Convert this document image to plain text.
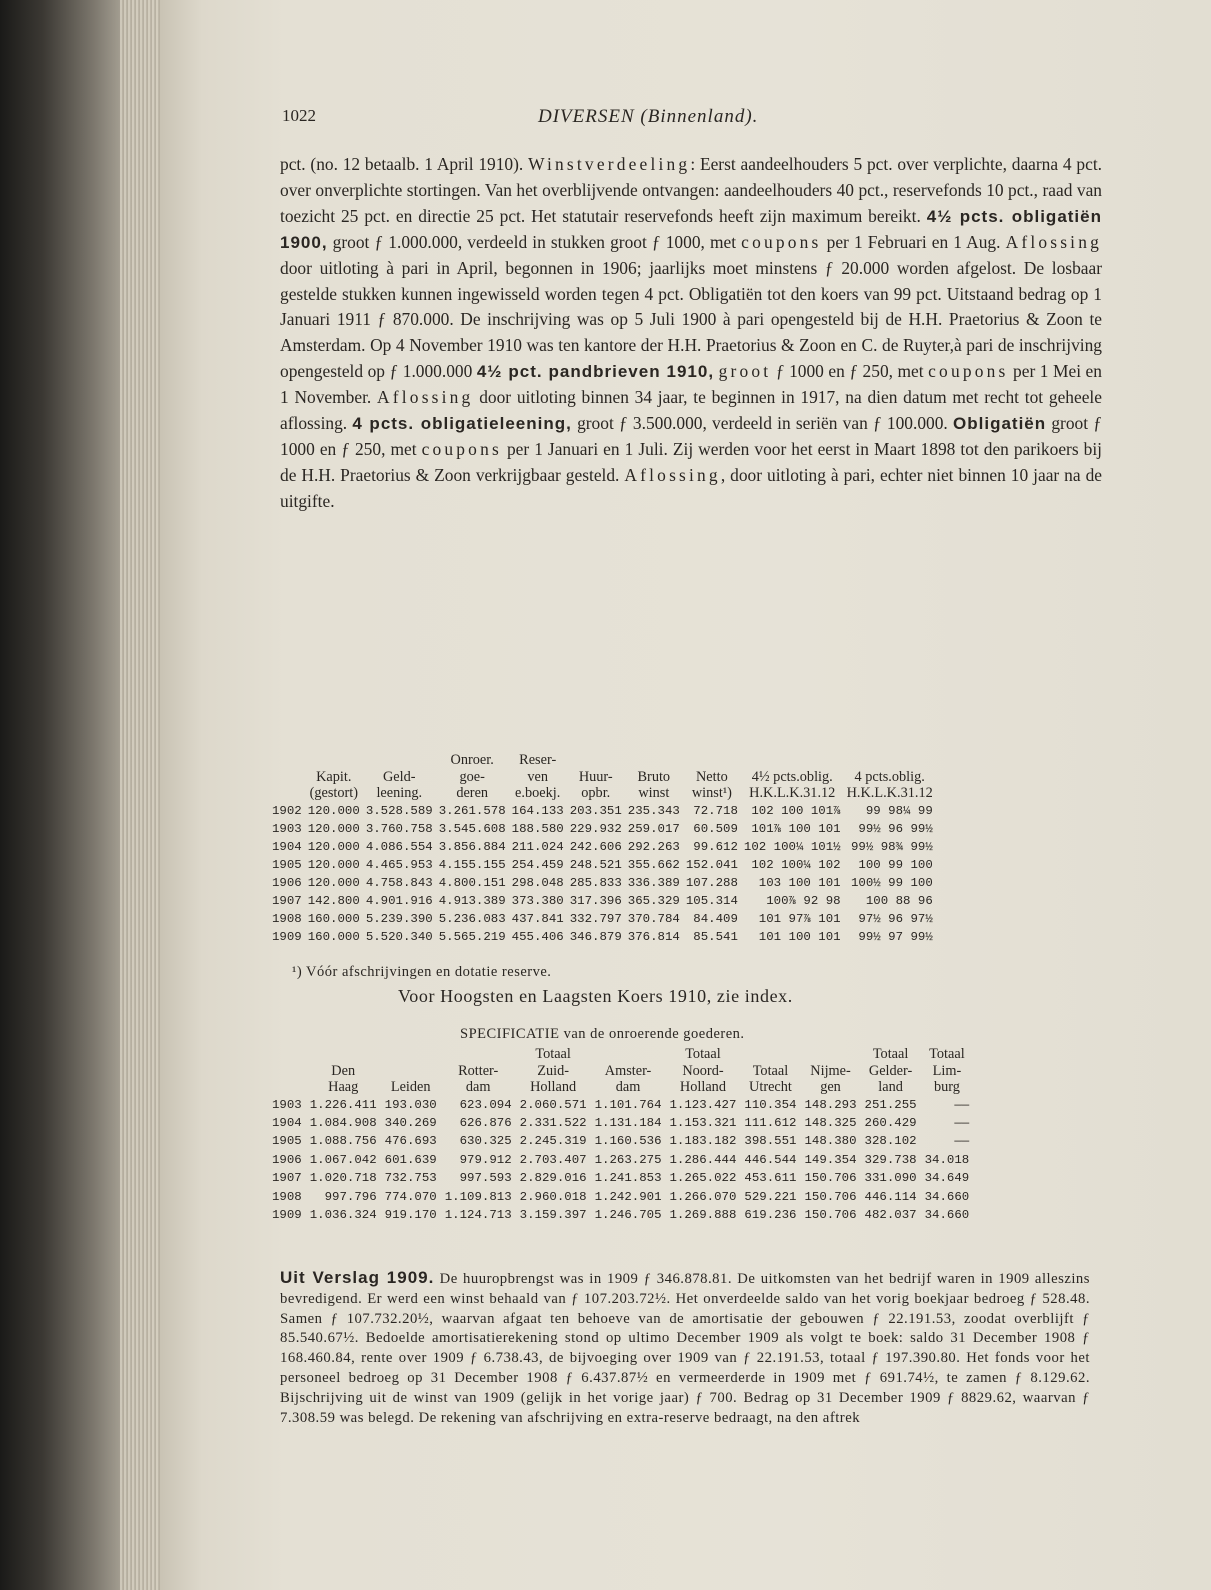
1022	DIVERSEN (Binnenland).

pct. (no. 12 betaalb. 1 April 1910). Winstverdeeling: Eerst aandeelhouders 5 pct. over verplichte, daarna 4 pct. over onverplichte stortingen. Van het overblijvende ontvangen: aandeelhouders 40 pct., reservefonds 10 pct., raad van toezicht 25 pct. en directie 25 pct. Het statutair reservefonds heeft zijn maximum bereikt. 4½ pcts. obligatiën 1900, groot ƒ 1.000.000, verdeeld in stukken groot ƒ 1000, met coupons per 1 Februari en 1 Aug. Aflossing door uitloting à pari in April, begonnen in 1906; jaarlijks moet minstens ƒ 20.000 worden afgelost. De losbaar gestelde stukken kunnen ingewisseld worden tegen 4 pct. Obligatiën tot den koers van 99 pct. Uitstaand bedrag op 1 Januari 1911 ƒ 870.000. De inschrijving was op 5 Juli 1900 à pari opengesteld bij de H.H. Praetorius & Zoon te Amsterdam. Op 4 November 1910 was ten kantore der H.H. Praetorius & Zoon en C. de Ruyter,à pari de inschrijving opengesteld op ƒ 1.000.000 4½ pct. pandbrieven 1910, groot ƒ 1000 en ƒ 250, met coupons per 1 Mei en 1 November. Aflossing door uitloting binnen 34 jaar, te beginnen in 1917, na dien datum met recht tot geheele aflossing. 4 pcts. obligatieleening, groot ƒ 3.500.000, verdeeld in seriën van ƒ 100.000. Obligatiën groot ƒ 1000 en ƒ 250, met coupons per 1 Januari en 1 Juli. Zij werden voor het eerst in Maart 1898 tot den parikoers bij de H.H. Praetorius & Zoon verkrijgbaar gesteld. Aflossing, door uitloting à pari, echter niet binnen 10 jaar na de uitgifte.

			Onroer.	Reser-					
	Kapit.	Geld-	goe-	ven	Huur-	Bruto	Netto	4½ pcts.oblig.	4 pcts.oblig.
	(gestort)	leening.	deren	e.boekj.	opbr.	winst	winst¹)	H.K.L.K.31.12	H.K.L.K.31.12
1902	120.000	3.528.589	3.261.578	164.133	203.351	235.343	72.718	102 100 101⅞	99 98¼ 99
1903	120.000	3.760.758	3.545.608	188.580	229.932	259.017	60.509	101⅞ 100 101	99½ 96 99½
1904	120.000	4.086.554	3.856.884	211.024	242.606	292.263	99.612	102 100¼ 101½	99½ 98¾ 99½
1905	120.000	4.465.953	4.155.155	254.459	248.521	355.662	152.041	102 100¼ 102	100 99 100
1906	120.000	4.758.843	4.800.151	298.048	285.833	336.389	107.288	103 100 101	100½ 99 100
1907	142.800	4.901.916	4.913.389	373.380	317.396	365.329	105.314	100⅞ 92 98	100 88 96
1908	160.000	5.239.390	5.236.083	437.841	332.797	370.784	84.409	101 97⅞ 101	97½ 96 97½
1909	160.000	5.520.340	5.565.219	455.406	346.879	376.814	85.541	101 100 101	99½ 97 99½
¹) Vóór afschrijvingen en dotatie reserve.
Voor Hoogsten en Laagsten Koers 1910, zie index.
SPECIFICATIE van de onroerende goederen.
				Totaal		Totaal			Totaal	Totaal
	Den		Rotter-	Zuid-	Amster-	Noord-	Totaal	Nijme-	Gelder-	Lim-
	Haag	Leiden	dam	Holland	dam	Holland	Utrecht	gen	land	burg
1903	1.226.411	193.030	623.094	2.060.571	1.101.764	1.123.427	110.354	148.293	251.255	——
1904	1.084.908	340.269	626.876	2.331.522	1.131.184	1.153.321	111.612	148.325	260.429	——
1905	1.088.756	476.693	630.325	2.245.319	1.160.536	1.183.182	398.551	148.380	328.102	——
1906	1.067.042	601.639	979.912	2.703.407	1.263.275	1.286.444	446.544	149.354	329.738	34.018
1907	1.020.718	732.753	997.593	2.829.016	1.241.853	1.265.022	453.611	150.706	331.090	34.649
1908	997.796	774.070	1.109.813	2.960.018	1.242.901	1.266.070	529.221	150.706	446.114	34.660
1909	1.036.324	919.170	1.124.713	3.159.397	1.246.705	1.269.888	619.236	150.706	482.037	34.660

Uit Verslag 1909. De huuropbrengst was in 1909 ƒ 346.878.81. De uitkomsten van het bedrijf waren in 1909 alleszins bevredigend. Er werd een winst behaald van ƒ 107.203.72½. Het onverdeelde saldo van het vorig boekjaar bedroeg ƒ 528.48. Samen ƒ 107.732.20½, waarvan afgaat ten behoeve van de amortisatie der gebouwen ƒ 22.191.53, zoodat overblijft ƒ 85.540.67½. Bedoelde amortisatierekening stond op ultimo December 1909 als volgt te boek: saldo 31 December 1908 ƒ 168.460.84, rente over 1909 ƒ 6.738.43, de bijvoeging over 1909 van ƒ 22.191.53, totaal ƒ 197.390.80. Het fonds voor het personeel bedroeg op 31 December 1908 ƒ 6.437.87½ en vermeerderde in 1909 met ƒ 691.74½, te zamen ƒ 8.129.62. Bijschrijving uit de winst van 1909 (gelijk in het vorige jaar) ƒ 700. Bedrag op 31 December 1909 ƒ 8829.62, waarvan ƒ 7.308.59 was belegd. De rekening van afschrijving en extra-reserve bedraagt, na den aftrek
